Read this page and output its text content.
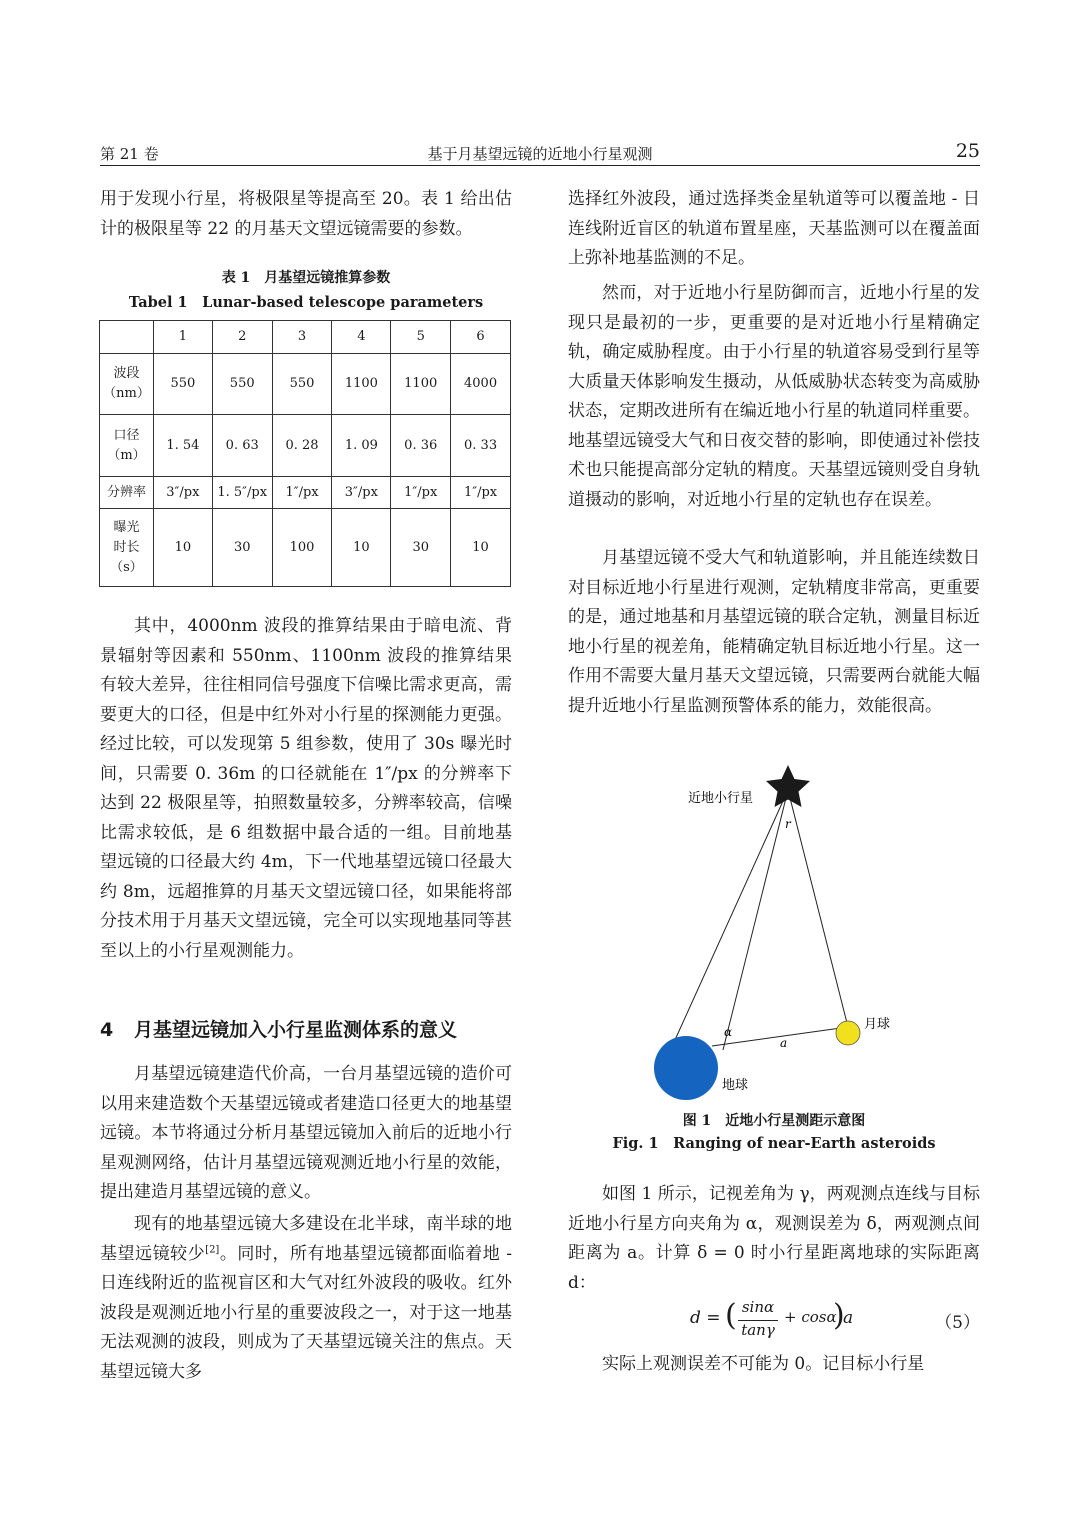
第 21 卷	基于月基望远镜的近地小行星观测	25

用于发现小行星，将极限星等提高至 20。表 1 给出估计的极限星等 22 的月基天文望远镜需要的参数。

表 1　月基望远镜推算参数
Tabel 1　Lunar-based telescope parameters
	1	2	3	4	5	6

波段
（nm）	550	550	550	1100	1100	4000

口径
（m）	1. 54	0. 63	0. 28	1. 09	0. 36	0. 33
分辨率	3″/px	1. 5″/px	1″/px	3″/px	1″/px	1″/px

曝光
时长
（s）	10	30	100	10	30	10

其中，4000nm 波段的推算结果由于暗电流、背景辐射等因素和 550nm、1100nm 波段的推算结果有较大差异，往往相同信号强度下信噪比需求更高，需要更大的口径，但是中红外对小行星的探测能力更强。经过比较，可以发现第 5 组参数，使用了 30s 曝光时间，只需要 0. 36m 的口径就能在 1″/px 的分辨率下达到 22 极限星等，拍照数量较多，分辨率较高，信噪比需求较低，是 6 组数据中最合适的一组。目前地基望远镜的口径最大约 4m，下一代地基望远镜口径最大约 8m，远超推算的月基天文望远镜口径，如果能将部分技术用于月基天文望远镜，完全可以实现地基同等甚至以上的小行星观测能力。

4 月基望远镜加入小行星监测体系的意义

月基望远镜建造代价高，一台月基望远镜的造价可以用来建造数个天基望远镜或者建造口径更大的地基望远镜。本节将通过分析月基望远镜加入前后的近地小行星观测网络，估计月基望远镜观测近地小行星的效能，提出建造月基望远镜的意义。

现有的地基望远镜大多建设在北半球，南半球的地基望远镜较少[2]。同时，所有地基望远镜都面临着地 - 日连线附近的监视盲区和大气对红外波段的吸收。红外波段是观测近地小行星的重要波段之一，对于这一地基无法观测的波段，则成为了天基望远镜关注的焦点。天基望远镜大多

选择红外波段，通过选择类金星轨道等可以覆盖地 - 日连线附近盲区的轨道布置星座，天基监测可以在覆盖面上弥补地基监测的不足。

然而，对于近地小行星防御而言，近地小行星的发现只是最初的一步，更重要的是对近地小行星精确定轨，确定威胁程度。由于小行星的轨道容易受到行星等大质量天体影响发生摄动，从低威胁状态转变为高威胁状态，定期改进所有在编近地小行星的轨道同样重要。地基望远镜受大气和日夜交替的影响，即使通过补偿技术也只能提高部分定轨的精度。天基望远镜则受自身轨道摄动的影响，对近地小行星的定轨也存在误差。

月基望远镜不受大气和轨道影响，并且能连续数日对目标近地小行星进行观测，定轨精度非常高，更重要的是，通过地基和月基望远镜的联合定轨，测量目标近地小行星的视差角，能精确定轨目标近地小行星。这一作用不需要大量月基天文望远镜，只需要两台就能大幅提升近地小行星监测预警体系的能力，效能很高。

近地小行星
r
月球
α
a
地球
图 1　近地小行星测距示意图
Fig. 1　Ranging of near-Earth asteroids

如图 1 所示，记视差角为 γ，两观测点连线与目标近地小行星方向夹角为 α，观测误差为 δ，两观测点间距离为 a。计算 δ = 0 时小行星距离地球的实际距离 d：

d = ( sinα
tanγ
+ cosα
)
a	（5）

实际上观测误差不可能为 0。记目标小行星
